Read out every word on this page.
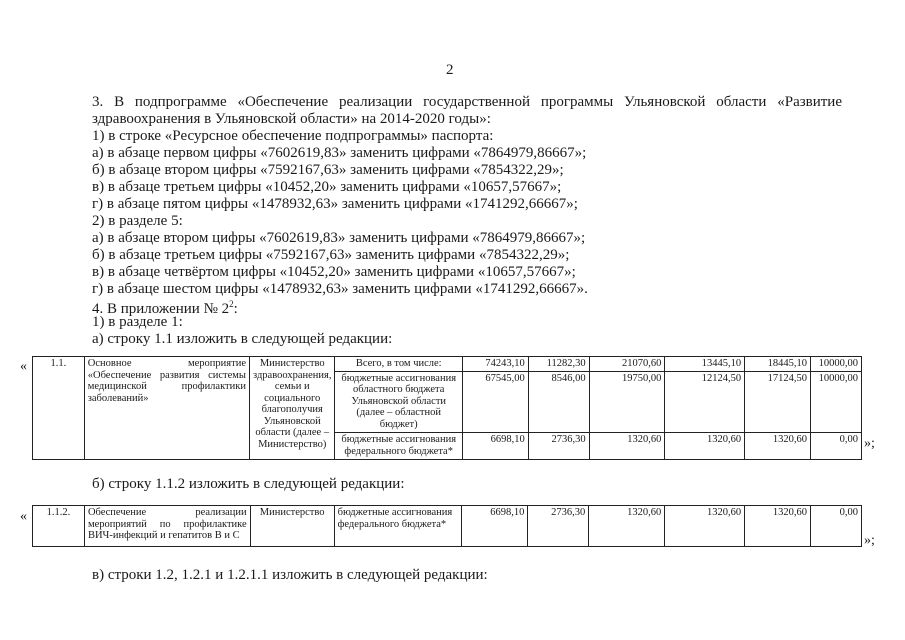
2
3. В подпрограмме «Обеспечение реализации государственной программы Ульяновской области «Развитие здравоохранения в Ульяновской области» на 2014-2020 годы»:
1) в строке «Ресурсное обеспечение подпрограммы» паспорта:
а) в абзаце первом цифры «7602619,83» заменить цифрами «7864979,86667»;
б) в абзаце втором цифры «7592167,63» заменить цифрами «7854322,29»;
в) в абзаце третьем цифры «10452,20» заменить цифрами «10657,57667»;
г) в абзаце пятом цифры «1478932,63» заменить цифрами «1741292,66667»;
2) в разделе 5:
а) в абзаце втором цифры «7602619,83» заменить цифрами «7864979,86667»;
б) в абзаце третьем цифры «7592167,63» заменить цифрами «7854322,29»;
в) в абзаце четвёртом цифры «10452,20» заменить цифрами «10657,57667»;
г) в абзаце шестом цифры «1478932,63» заменить цифрами «1741292,66667».
4. В приложении № $2^2$:
1) в разделе 1:
а) строку 1.1 изложить в следующей редакции:
« 1.1.	Основное мероприятие «Обеспечение развития системы медицинской профилактики заболеваний»	Министерство здравоохранения, семьи и социального благополучия Ульяновской области (далее – Министерство)	Всего, в том числе:	74243,10	11282,30	21070,60	13445,10	18445,10	10000,00
			бюджетные ассигнования областного бюджета Ульяновской области (далее – областной бюджет)	67545,00	8546,00	19750,00	12124,50	17124,50	10000,00
			бюджетные ассигнования федерального бюджета*	6698,10	2736,30	1320,60	1320,60	1320,60	0,00 »;
б) строку 1.1.2 изложить в следующей редакции:
« 1.1.2.	Обеспечение реализации мероприятий по профилактике ВИЧ-инфекций и гепатитов B и C	Министерство	бюджетные ассигнования федерального бюджета*	6698,10	2736,30	1320,60	1320,60	1320,60	0,00
»;
в) строки 1.2, 1.2.1 и 1.2.1.1 изложить в следующей редакции:
